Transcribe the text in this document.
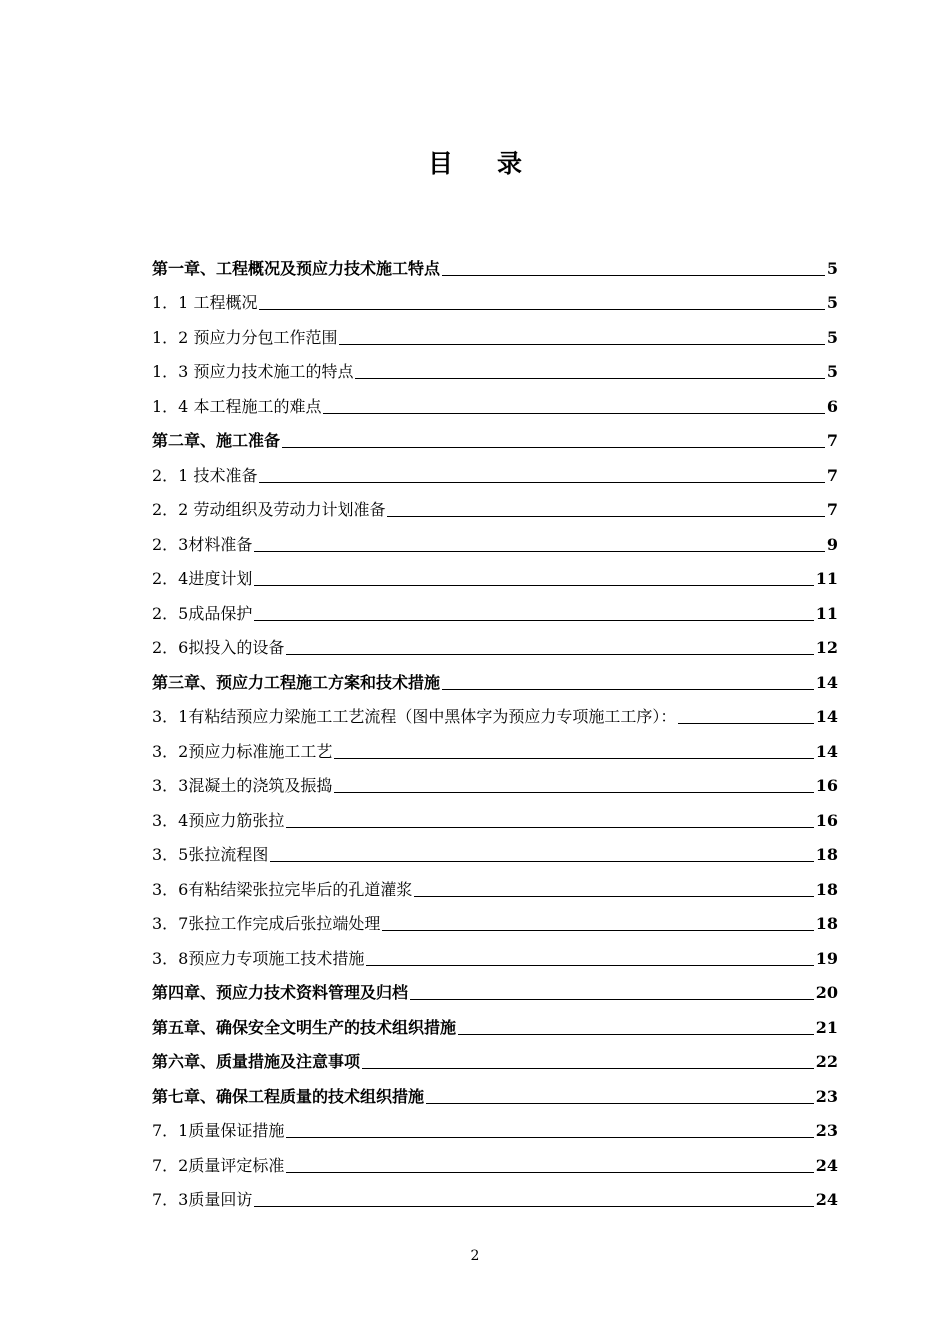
目录
第一章、工程概况及预应力技术施工特点	5
1．1 工程概况	5
1．2 预应力分包工作范围	5
1．3 预应力技术施工的特点	5
1．4 本工程施工的难点	6
第二章、施工准备	7
2．1 技术准备	7
2．2 劳动组织及劳动力计划准备	7
2．3材料准备	9
2．4进度计划	11
2．5成品保护	11
2．6拟投入的设备	12
第三章、预应力工程施工方案和技术措施	14
3．1有粘结预应力梁施工工艺流程（图中黑体字为预应力专项施工工序）：	14
3．2预应力标准施工工艺	14
3．3混凝土的浇筑及振捣	16
3．4预应力筋张拉	16
3．5张拉流程图	18
3．6有粘结梁张拉完毕后的孔道灌浆	18
3．7张拉工作完成后张拉端处理	18
3．8预应力专项施工技术措施	19
第四章、预应力技术资料管理及归档	20
第五章、确保安全文明生产的技术组织措施	21
第六章、质量措施及注意事项	22
第七章、确保工程质量的技术组织措施	23
7．1质量保证措施	23
7．2质量评定标准	24
7．3质量回访	24
2
